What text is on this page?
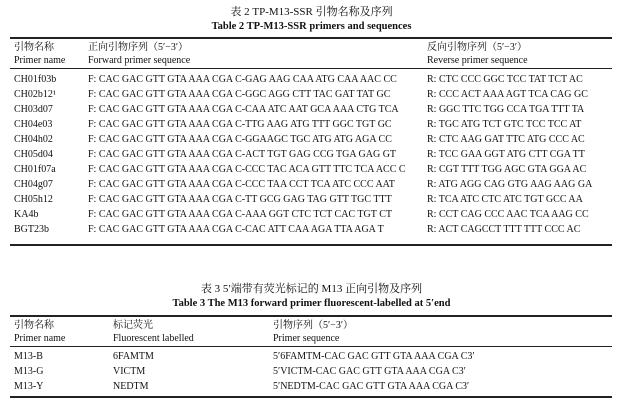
表 2 TP-M13-SSR 引物名称及序列
Table 2 TP-M13-SSR primers and sequences
引物名称
Primer name
正向引物序列（5′−3′）
Forward primer sequence
反向引物序列（5′−3′）
Reverse primer sequence
CH01f03b	F: CAC GAC GTT GTA AAA CGA C-GAG AAG CAA ATG CAA AAC CC	R: CTC CCC GGC TCC TAT TCT AC
CH02b12¹	F: CAC GAC GTT GTA AAA CGA C-GGC AGG CTT TAC GAT TAT GC	R: CCC ACT AAA AGT TCA CAG GC
CH03d07	F: CAC GAC GTT GTA AAA CGA C-CAA ATC AAT GCA AAA CTG TCA	R: GGC TTC TGG CCA TGA TTT TA
CH04e03	F: CAC GAC GTT GTA AAA CGA C-TTG AAG ATG TTT GGC TGT GC	R: TGC ATG TCT GTC TCC TCC AT
CH04h02	F: CAC GAC GTT GTA AAA CGA C-GGAAGC TGC ATG ATG AGA CC	R: CTC AAG GAT TTC ATG CCC AC
CH05d04	F: CAC GAC GTT GTA AAA CGA C-ACT TGT GAG CCG TGA GAG GT	R: TCC GAA GGT ATG CTT CGA TT
CH01f07a	F: CAC GAC GTT GTA AAA CGA C-CCC TAC ACA GTT TTC TCA ACC C R: CGT TTT TGG AGC GTA GGA AC
CH04g07	F: CAC GAC GTT GTA AAA CGA C-CCC TAA CCT TCA ATC CCC AAT	R: ATG AGG CAG GTG AAG AAG GA
CH05h12	F: CAC GAC GTT GTA AAA CGA C-TT GCG GAG TAG GTT TGC TTT	R: TCA ATC CTC ATC TGT GCC AA
KA4b	F: CAC GAC GTT GTA AAA CGA C-AAA GGT CTC TCT CAC TGT CT	R: CCT CAG CCC AAC TCA AAG CC
BGT23b	F: CAC GAC GTT GTA AAA CGA C-CAC ATT CAA AGA TTA AGA T	R: ACT CAGCCT TTT TTT CCC AC
表 3 5′端带有荧光标记的 M13 正向引物及序列
Table 3 The M13 forward primer fluorescent-labelled at 5′end
引物名称
Primer name
标记荧光
Fluorescent labelled
引物序列（5′−3′）
Primer sequence
M13-B	6FAMTM	5′6FAMTM-CAC GAC GTT GTA AAA CGA C3′
M13-G	VICTM	5′VICTM-CAC GAC GTT GTA AAA CGA C3′
M13-Y	NEDTM	5′NEDTM-CAC GAC GTT GTA AAA CGA C3′
